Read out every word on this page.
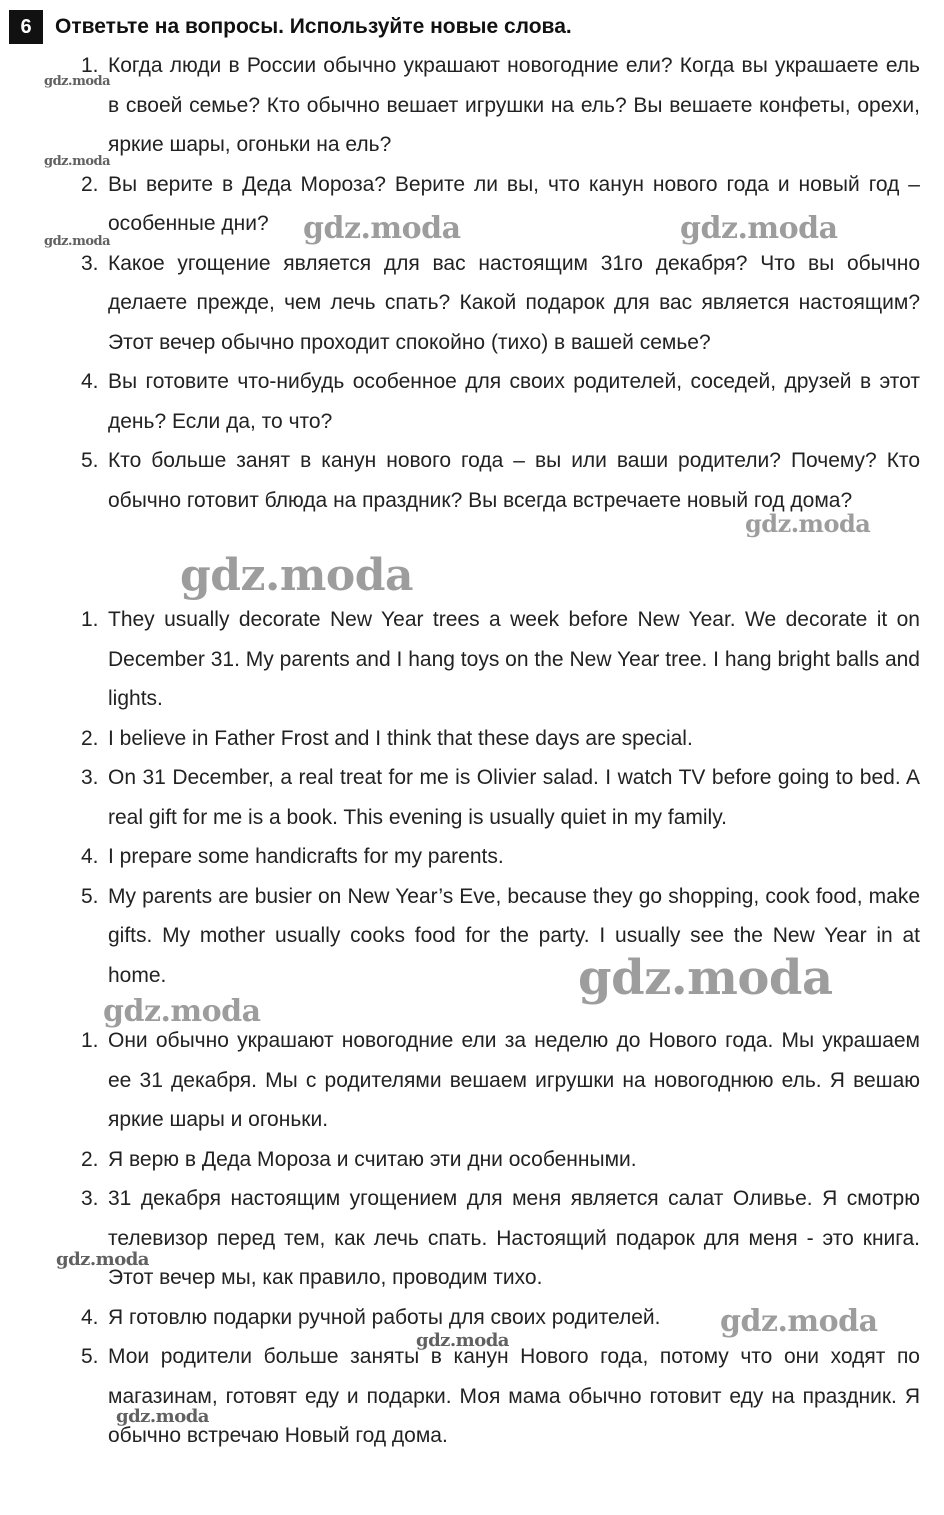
6	Ответьте на вопросы. Используйте новые слова.
1. Когда люди в России обычно украшают новогодние ели? Когда вы украшаете ель в своей семье? Кто обычно вешает игрушки на ель? Вы вешаете конфеты, орехи, яркие шары, огоньки на ель?
2. Вы верите в Деда Мороза? Верите ли вы, что канун нового года и новый год – особенные дни?
3. Какое угощение является для вас настоящим 31го декабря? Что вы обычно делаете прежде, чем лечь спать? Какой подарок для вас является настоящим? Этот вечер обычно проходит спокойно (тихо) в вашей семье?
4. Вы готовите что-нибудь особенное для своих родителей, соседей, друзей в этот день? Если да, то что?
5. Кто больше занят в канун нового года – вы или ваши родители? Почему? Кто обычно готовит блюда на праздник? Вы всегда встречаете новый год дома?
1. They usually decorate New Year trees a week before New Year. We decorate it on December 31. My parents and I hang toys on the New Year tree. I hang bright balls and lights.
2. I believe in Father Frost and I think that these days are special.
3. On 31 December, a real treat for me is Olivier salad. I watch TV before going to bed. A real gift for me is a book. This evening is usually quiet in my family.
4. I prepare some handicrafts for my parents.
5. My parents are busier on New Year’s Eve, because they go shopping, cook food, make gifts. My mother usually cooks food for the party. I usually see the New Year in at home.
1. Они обычно украшают новогодние ели за неделю до Нового года. Мы украшаем ее 31 декабря. Мы с родителями вешаем игрушки на новогоднюю ель. Я вешаю яркие шары и огоньки.
2. Я верю в Деда Мороза и считаю эти дни особенными.
3. 31 декабря настоящим угощением для меня является салат Оливье. Я смотрю телевизор перед тем, как лечь спать. Настоящий подарок для меня - это книга. Этот вечер мы, как правило, проводим тихо.
4. Я готовлю подарки ручной работы для своих родителей.
5. Мои родители больше заняты в канун Нового года, потому что они ходят по магазинам, готовят еду и подарки. Моя мама обычно готовит еду на праздник. Я обычно встречаю Новый год дома.
gdz.moda
gdz.moda
gdz.moda	gdz.moda	gdz.moda
gdz.moda
gdz.moda
gdz.moda
gdz.moda
gdz.moda
gdz.moda
gdz.moda
gdz.moda
